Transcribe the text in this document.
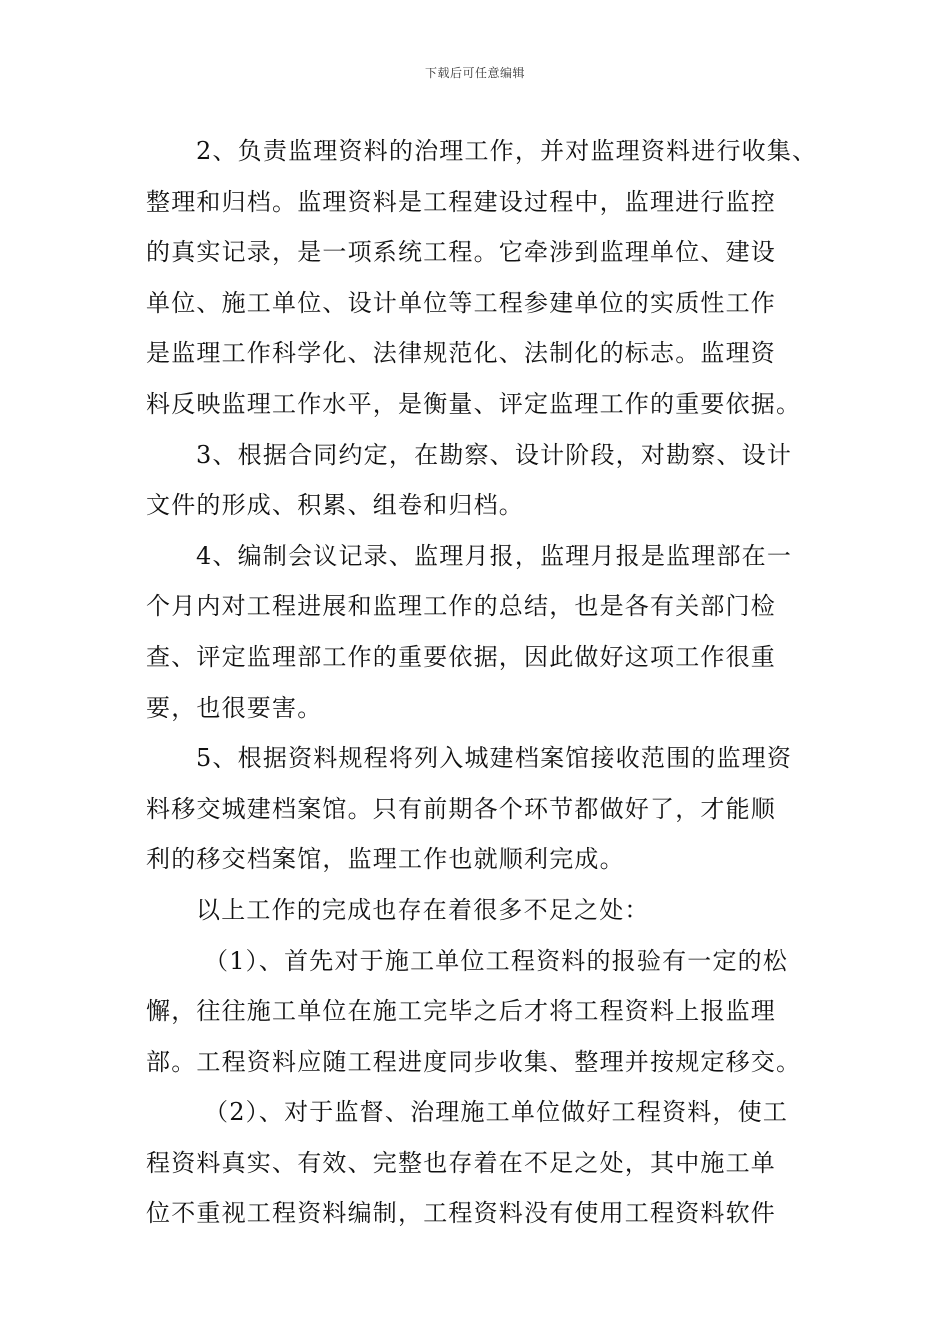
下载后可任意编辑
2、负责监理资料的治理工作，并对监理资料进行收集、
整理和归档。监理资料是工程建设过程中，监理进行监控
的真实记录，是一项系统工程。它牵涉到监理单位、建设
单位、施工单位、设计单位等工程参建单位的实质性工作
是监理工作科学化、法律规范化、法制化的标志。监理资
料反映监理工作水平，是衡量、评定监理工作的重要依据。
3、根据合同约定，在勘察、设计阶段，对勘察、设计
文件的形成、积累、组卷和归档。
4、编制会议记录、监理月报，监理月报是监理部在一
个月内对工程进展和监理工作的总结，也是各有关部门检
查、评定监理部工作的重要依据，因此做好这项工作很重
要，也很要害。
5、根据资料规程将列入城建档案馆接收范围的监理资
料移交城建档案馆。只有前期各个环节都做好了，才能顺
利的移交档案馆，监理工作也就顺利完成。
以上工作的完成也存在着很多不足之处：
（1）、首先对于施工单位工程资料的报验有一定的松
懈，往往施工单位在施工完毕之后才将工程资料上报监理
部。工程资料应随工程进度同步收集、整理并按规定移交。
（2）、对于监督、治理施工单位做好工程资料，使工
程资料真实、有效、完整也存着在不足之处，其中施工单
位不重视工程资料编制，工程资料没有使用工程资料软件
